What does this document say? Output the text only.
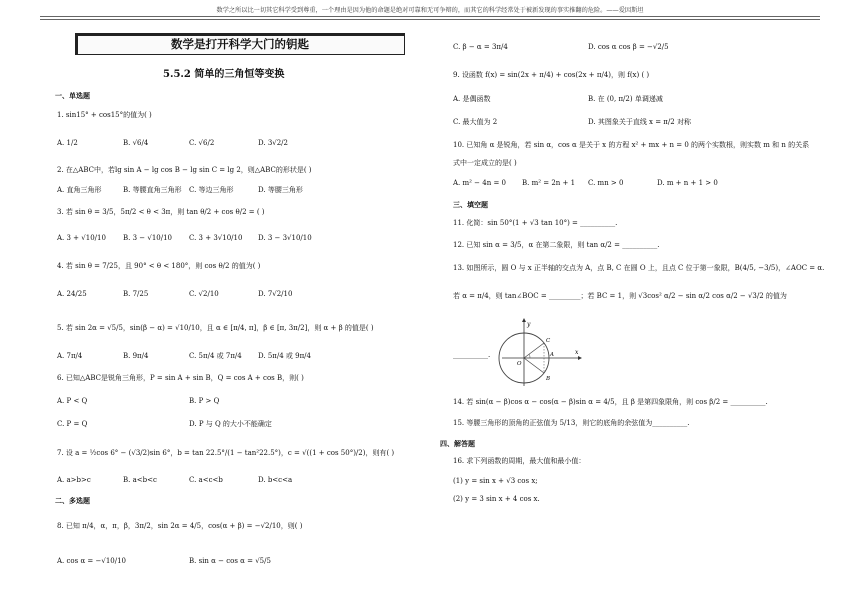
数学之所以比一切其它科学受到尊重，一个理由是因为他的命题是绝对可靠和无可争辩的，而其它的科学经常处于被新发现的事实推翻的危险。——爱因斯坦
数学是打开科学大门的钥匙
5.5.2 简单的三角恒等变换
一、单选题
1. sin15° + cos15°的值为( )
A. 1/2	B. √6/4	C. √6/2	D. 3√2/2
2. 在△ABC中，若lg sin A − lg cos B − lg sin C = lg 2，则△ABC的形状是( )
A. 直角三角形	B. 等腰直角三角形 C. 等边三角形	D. 等腰三角形
3. 若 sin θ = 3/5，5π/2 < θ < 3π，则 tan θ/2 + cos θ/2 = ( )
A. 3 + √10/10 B. 3 − √10/10 C. 3 + 3√10/10 D. 3 − 3√10/10
4. 若 sin θ = 7/25，且 90° < θ < 180°，则 cos θ/2 的值为( )
A. 24/25	B. 7/25	C. √2/10	D. 7√2/10
5. 若 sin 2α = √5/5，sin(β − α) = √10/10，且 α ∈ [π/4, π]，β ∈ [π, 3π/2]，则 α + β 的值是( )
A. 7π/4	B. 9π/4	C. 5π/4 或 7π/4 D. 5π/4 或 9π/4
6. 已知△ABC是锐角三角形，P = sin A + sin B，Q = cos A + cos B，则( )
A. P < Q	B. P > Q
C. P = Q	D. P 与 Q 的大小不能确定
7. 设 a = ½cos 6° − (√3/2)sin 6°，b = tan 22.5°/(1 − tan²22.5°)，c = √((1 + cos 50°)/2)，则有( )
A. a>b>c	B. a<b<c	C. a<c<b	D. b<c<a
二、多选题
8. 已知 π/4，α，π，β，3π/2，sin 2α = 4/5，cos(α + β) = −√2/10，则( )
A. cos α = −√10/10	B. sin α − cos α = √5/5
C. β − α = 3π/4	D. cos α cos β = −√2/5
9. 设函数 f(x) = sin(2x + π/4) + cos(2x + π/4)，则 f(x) ( )
A. 是偶函数	B. 在 (0, π/2) 单调递减
C. 最大值为 2	D. 其图象关于直线 x = π/2 对称
10. 已知角 α 是锐角，若 sin α，cos α 是关于 x 的方程 x² + mx + n = 0 的两个实数根，则实数 m 和 n 的关系
式中一定成立的是( )
A. m² − 4n = 0 B. m² = 2n + 1 C. mn > 0	D. m + n + 1 > 0
三、填空题
11. 化简：sin 50°(1 + √3 tan 10°) = __________.
12. 已知 sin α = 3/5，α 在第二象限，则 tan α/2 = __________.
13. 如图所示，圆 O 与 x 正半轴的交点为 A，点 B, C 在圆 O 上，且点 C 位于第一象限，B(4/5, −3/5)，∠AOC = α.
若 α = π/4，则 tan∠BOC = _________；若 BC = 1，则 √3cos² α/2 − sin α/2 cos α/2 − √3/2 的值为
__________.
y
x
O
A
B
C
14. 若 sin(α − β)cos α − cos(α − β)sin α = 4/5，且 β 是第四象限角，则 cos β/2 = __________.
15. 等腰三角形的顶角的正弦值为 5/13，则它的底角的余弦值为__________.
四、解答题
16. 求下列函数的周期，最大值和最小值：
(1) y = sin x + √3 cos x;
(2) y = 3 sin x + 4 cos x.
